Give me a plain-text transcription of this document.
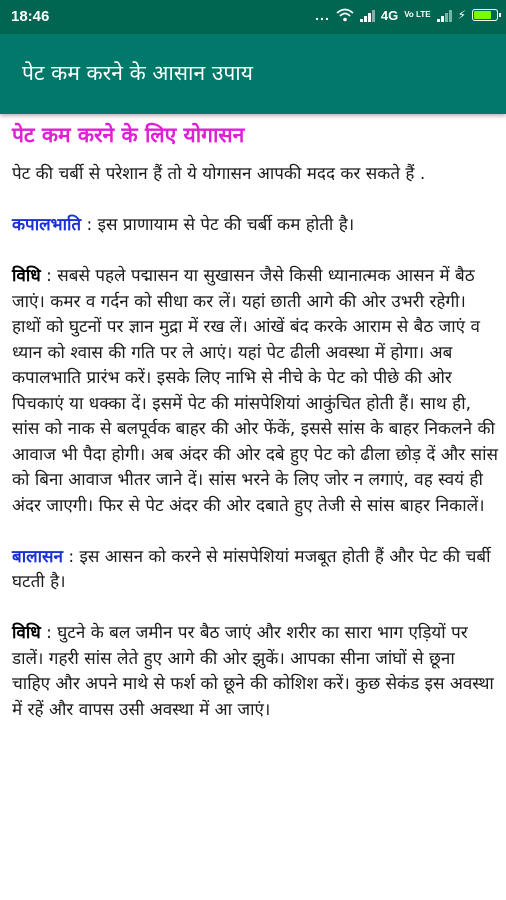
18:46	...	4G Vo LTE ⚡
पेट कम करने के आसान उपाय
पेट कम करने के लिए योगासन

पेट की चर्बी से परेशान हैं तो ये योगासन आपकी मदद कर सकते हैं .

कपालभाति : इस प्राणायाम से पेट की चर्बी कम होती है।

विधि : सबसे पहले पद्मासन या सुखासन जैसे किसी ध्यानात्मक आसन में बैठ जाएं। कमर व गर्दन को सीधा कर लें। यहां छाती आगे की ओर उभरी रहेगी। हाथों को घुटनों पर ज्ञान मुद्रा में रख लें। आंखें बंद करके आराम से बैठ जाएं व ध्यान को श्वास की गति पर ले आएं। यहां पेट ढीली अवस्था में होगा। अब कपालभाति प्रारंभ करें। इसके लिए नाभि से नीचे के पेट को पीछे की ओर पिचकाएं या धक्का दें। इसमें पेट की मांसपेशियां आकुंचित होती हैं। साथ ही, सांस को नाक से बलपूर्वक बाहर की ओर फेंकें, इससे सांस के बाहर निकलने की आवाज भी पैदा होगी। अब अंदर की ओर दबे हुए पेट को ढीला छोड़ दें और सांस को बिना आवाज भीतर जाने दें। सांस भरने के लिए जोर न लगाएं, वह स्वयं ही अंदर जाएगी। फिर से पेट अंदर की ओर दबाते हुए तेजी से सांस बाहर निकालें।

बालासन : इस आसन को करने से मांसपेशियां मजबूत होती हैं और पेट की चर्बी घटती है।

विधि : घुटने के बल जमीन पर बैठ जाएं और शरीर का सारा भाग एड़ियों पर डालें। गहरी सांस लेते हुए आगे की ओर झुकें। आपका सीना जांघों से छूना चाहिए और अपने माथे से फर्श को छूने की कोशिश करें। कुछ सेकंड इस अवस्था में रहें और वापस उसी अवस्था में आ जाएं।
